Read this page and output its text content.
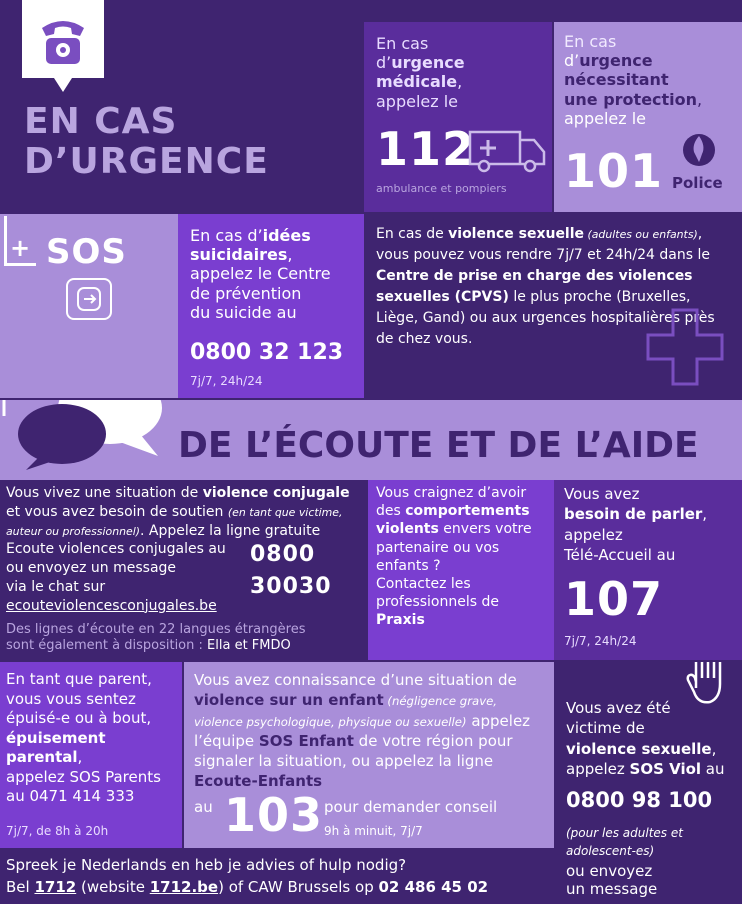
EN CAS
D’URGENCE
En cas
d’urgence
médicale,
appelez le
112
ambulance et pompiers
En cas
d’urgence
nécessitant
une protection,
appelez le
101 Police
+ SOS	En cas d’idées
suicidaires,
appelez le Centre
de prévention
du suicide au
0800 32 123
7j/7, 24h/24
En cas de violence sexuelle (adultes ou enfants), vous pouvez vous rendre 7j/7 et 24h/24 dans le Centre de prise en charge des violences sexuelles (CPVS) le plus proche (Bruxelles, Liège, Gand) ou aux urgences hospitalières près de chez vous.
DE L’ÉCOUTE ET DE L’AIDE
Vous vivez une situation de violence conjugale et vous avez besoin de soutien (en tant que victime, auteur ou professionnel). Appelez la ligne gratuite
Ecoute violences conjugales au
ou envoyez un message
via le chat sur
ecouteviolencesconjugales.be
0800
30030
Des lignes d’écoute en 22 langues étrangères
sont également à disposition : Ella et FMDO
Vous craignez d’avoir des comportements violents envers votre partenaire ou vos enfants ?
Contactez les professionnels de Praxis
Vous avez
besoin de parler,
appelez
Télé-Accueil au
107
7j/7, 24h/24
En tant que parent,
vous vous sentez
épuisé-e ou à bout,
épuisement
parental,
appelez SOS Parents
au 0471 414 333
7j/7, de 8h à 20h
Vous avez connaissance d’une situation de violence sur un enfant (négligence grave, violence psychologique, physique ou sexuelle) appelez l’équipe SOS Enfant de votre région pour signaler la situation, ou appelez la ligne Ecoute-Enfants
au 103 pour demander conseil
9h à minuit, 7j/7
Vous avez été
victime de
violence sexuelle,
appelez SOS Viol au
0800 98 100
(pour les adultes et
adolescent-es)
ou envoyez
un message
Spreek je Nederlands en heb je advies of hulp nodig?
Bel 1712 (website 1712.be) of CAW Brussels op 02 486 45 02
